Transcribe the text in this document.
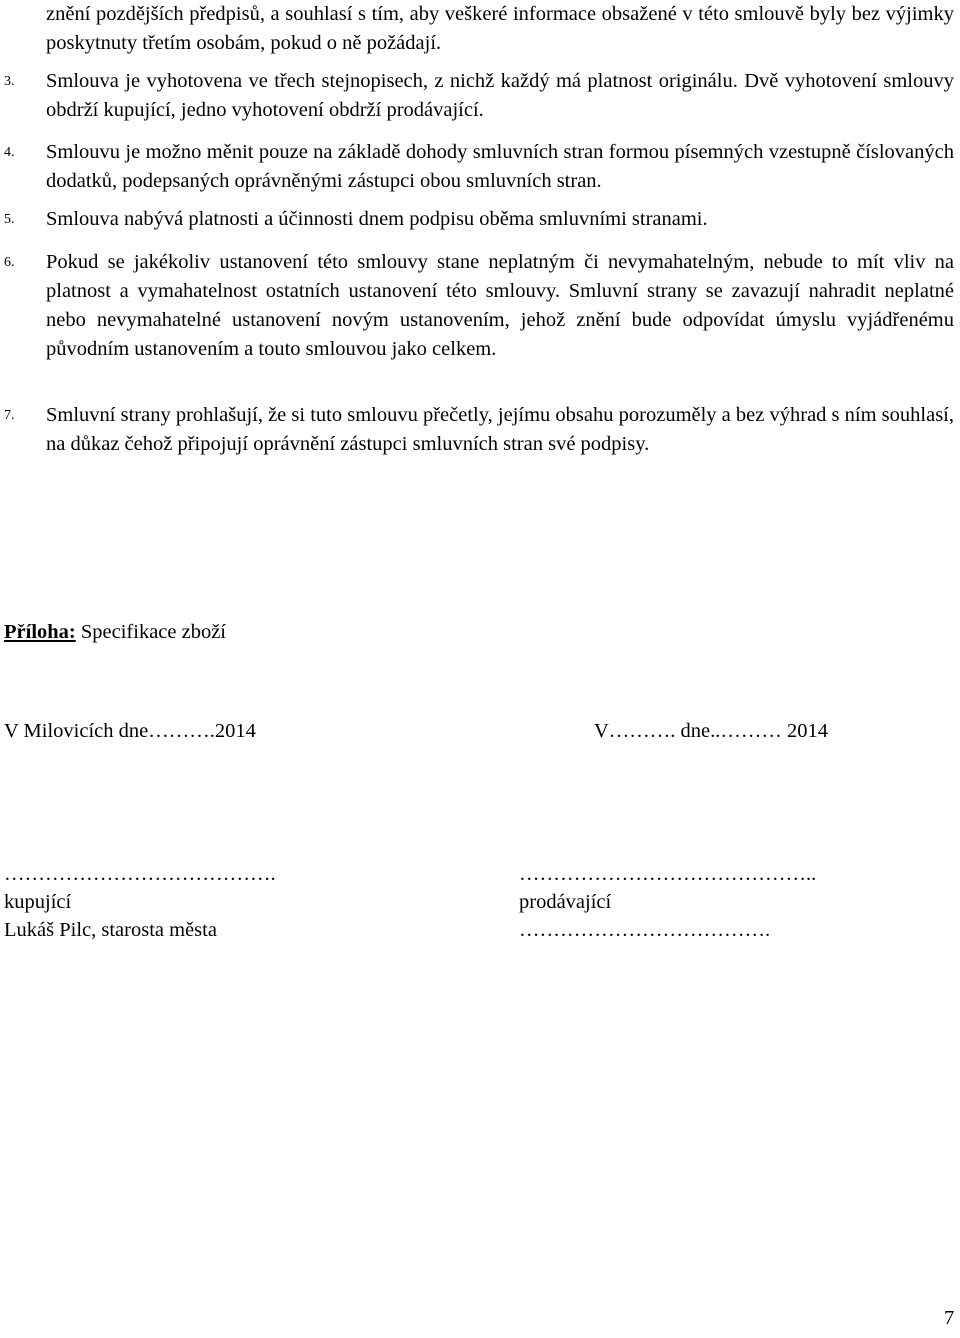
znění pozdějších předpisů, a souhlasí s tím, aby veškeré informace obsažené v této smlouvě byly bez výjimky poskytnuty třetím osobám, pokud o ně požádají.
3.	Smlouva je vyhotovena ve třech stejnopisech, z nichž každý má platnost originálu. Dvě vyhotovení smlouvy obdrží kupující, jedno vyhotovení obdrží prodávající.
4.	Smlouvu je možno měnit pouze na základě dohody smluvních stran formou písemných vzestupně číslovaných dodatků, podepsaných oprávněnými zástupci obou smluvních stran.
5.	Smlouva nabývá platnosti a účinnosti dnem podpisu oběma smluvními stranami.
6.	Pokud se jakékoliv ustanovení této smlouvy stane neplatným či nevymahatelným, nebude to mít vliv na platnost a vymahatelnost ostatních ustanovení této smlouvy. Smluvní strany se zavazují nahradit neplatné nebo nevymahatelné ustanovení novým ustanovením, jehož znění bude odpovídat úmyslu vyjádřenému původním ustanovením a touto smlouvou jako celkem.
7.	Smluvní strany prohlašují, že si tuto smlouvu přečetly, jejímu obsahu porozuměly a bez výhrad s ním souhlasí, na důkaz čehož připojují oprávnění zástupci smluvních stran své podpisy.
Příloha: Specifikace zboží
V Milovicích dne……….2014	V………. dne..……… 2014
………………………………….
kupující
Lukáš Pilc, starosta města
……………………………………..
prodávající
……………………………….
7
